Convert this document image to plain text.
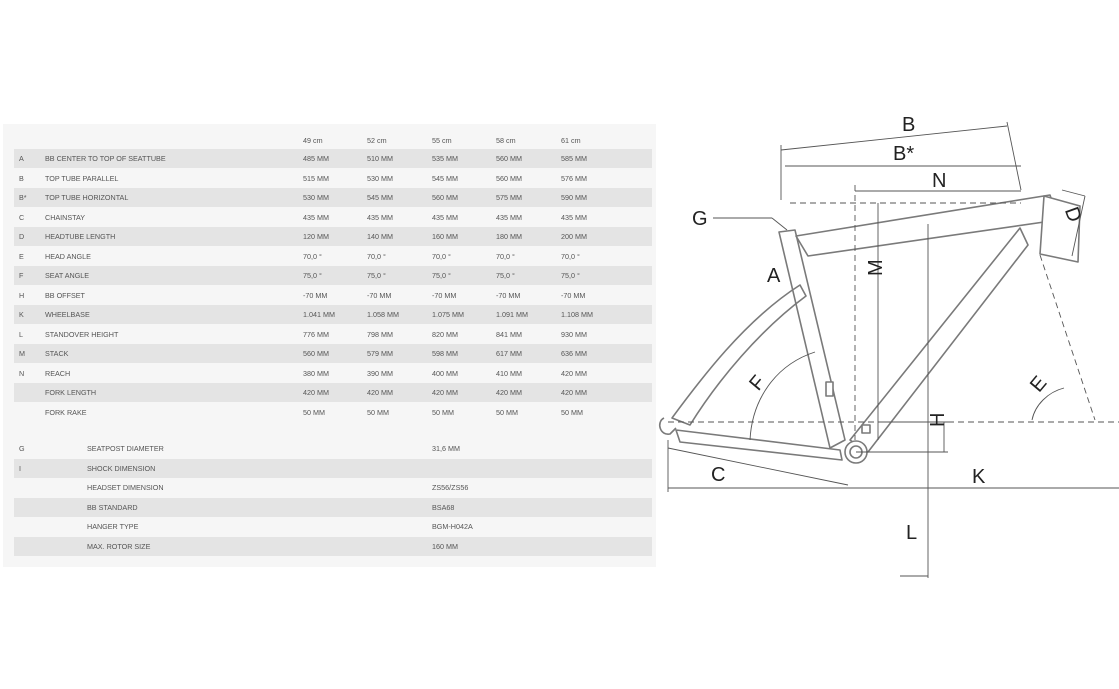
49 cm	52 cm	55 cm	58 cm	61 cm
A	BB CENTER TO TOP OF SEATTUBE	485 MM	510 MM	535 MM	560 MM	585 MM
B	TOP TUBE PARALLEL	515 MM	530 MM	545 MM	560 MM	576 MM
B*	TOP TUBE HORIZONTAL	530 MM	545 MM	560 MM	575 MM	590 MM
C	CHAINSTAY	435 MM	435 MM	435 MM	435 MM	435 MM
D	HEADTUBE LENGTH	120 MM	140 MM	160 MM	180 MM	200 MM
E	HEAD ANGLE	70,0 °	70,0 °	70,0 °	70,0 °	70,0 °
F	SEAT ANGLE	75,0 °	75,0 °	75,0 °	75,0 °	75,0 °
H	BB OFFSET	-70 MM	-70 MM	-70 MM	-70 MM	-70 MM
K	WHEELBASE	1.041 MM	1.058 MM	1.075 MM	1.091 MM	1.108 MM
L	STANDOVER HEIGHT	776 MM	798 MM	820 MM	841 MM	930 MM
M	STACK	560 MM	579 MM	598 MM	617 MM	636 MM
N	REACH	380 MM	390 MM	400 MM	410 MM	420 MM
FORK LENGTH	420 MM	420 MM	420 MM	420 MM	420 MM
FORK RAKE	50 MM	50 MM	50 MM	50 MM	50 MM
G	SEATPOST DIAMETER	31,6 MM
I	SHOCK DIMENSION
HEADSET DIMENSION	ZS56/ZS56
BB STANDARD	BSA68
HANGER TYPE	BGM-H042A
MAX. ROTOR SIZE	160 MM
B
B*
N
G	D
A	M
F	E
H
C	K
L
